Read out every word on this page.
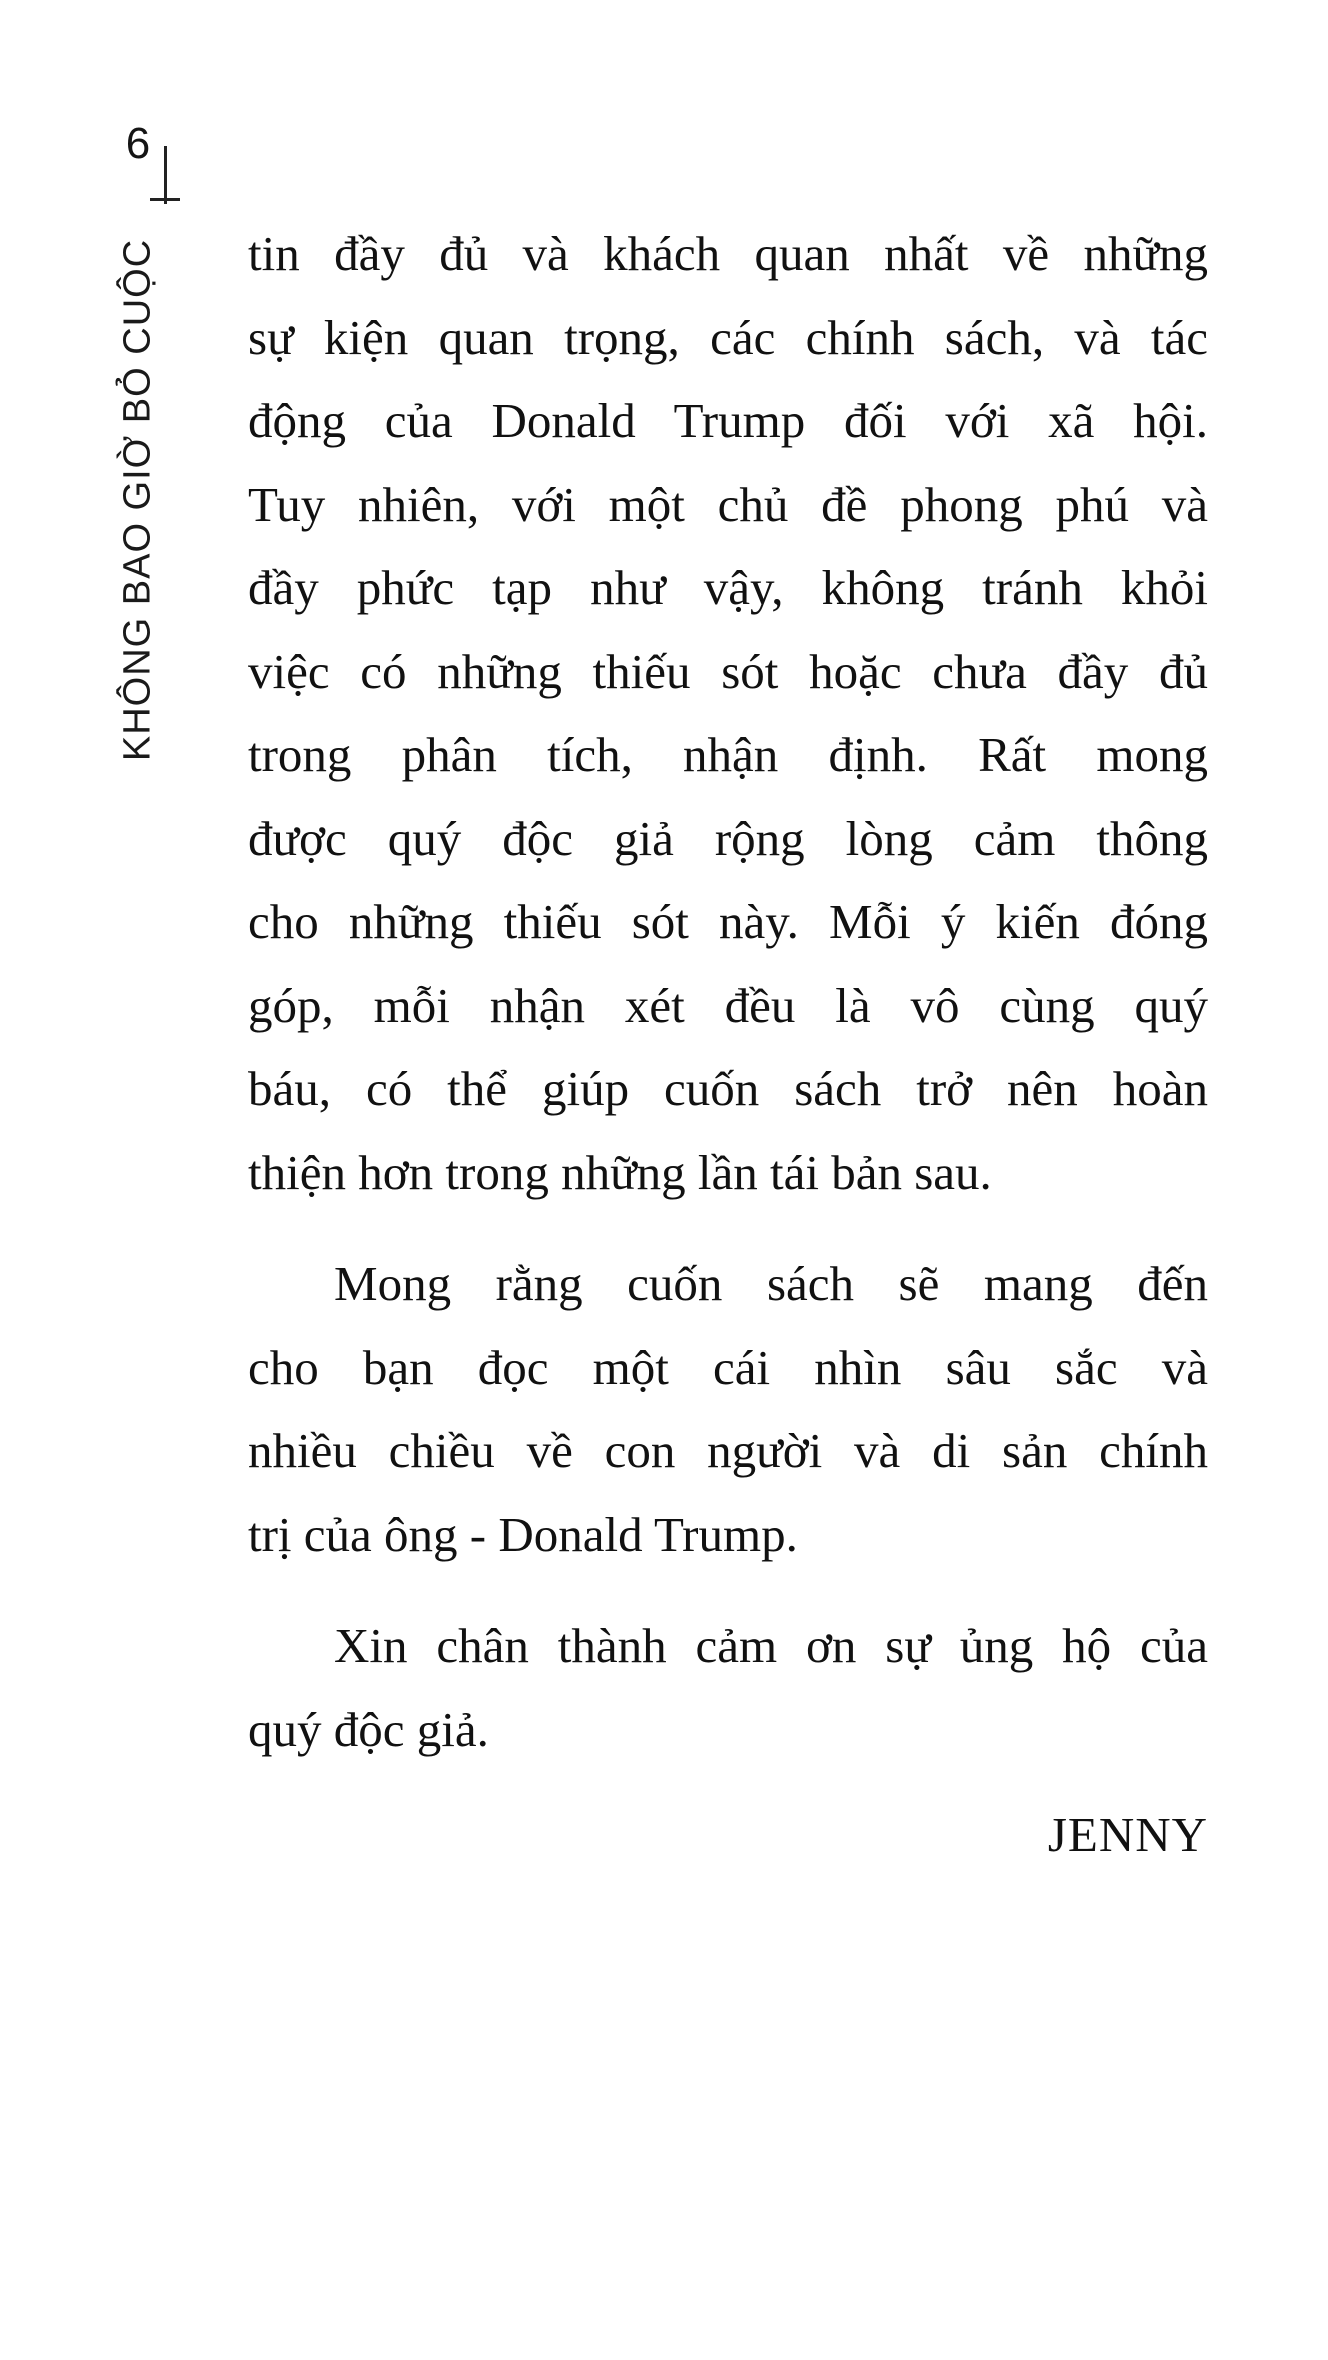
6
KHÔNG BAO GIỜ BỎ CUỘC tin đầy đủ và khách quan nhất về những
sự kiện quan trọng, các chính sách, và tác
động của Donald Trump đối với xã hội.
Tuy nhiên, với một chủ đề phong phú và
đầy phức tạp như vậy, không tránh khỏi
việc có những thiếu sót hoặc chưa đầy đủ
trong phân tích, nhận định. Rất mong
được quý độc giả rộng lòng cảm thông
cho những thiếu sót này. Mỗi ý kiến đóng
góp, mỗi nhận xét đều là vô cùng quý
báu, có thể giúp cuốn sách trở nên hoàn
thiện hơn trong những lần tái bản sau.
Mong rằng cuốn sách sẽ mang đến
cho bạn đọc một cái nhìn sâu sắc và
nhiều chiều về con người và di sản chính
trị của ông - Donald Trump.
Xin chân thành cảm ơn sự ủng hộ của
quý độc giả.
JENNY
